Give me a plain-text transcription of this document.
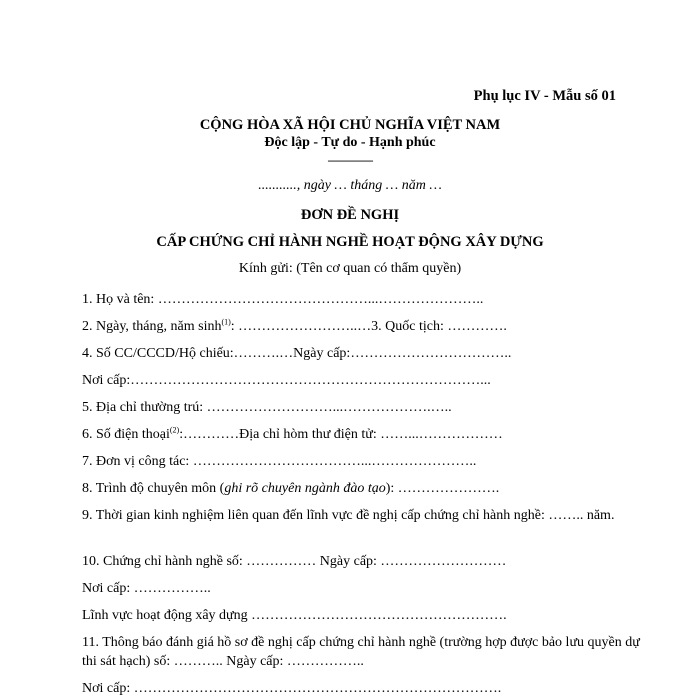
Phụ lục IV - Mẫu số 01
CỘNG HÒA XÃ HỘI CHỦ NGHĨA VIỆT NAM
Độc lập - Tự do - Hạnh phúc
---------------
..........., ngày … tháng … năm …
ĐƠN ĐỀ NGHỊ
CẤP CHỨNG CHỈ HÀNH NGHỀ HOẠT ĐỘNG XÂY DỰNG
Kính gửi: (Tên cơ quan có thẩm quyền)
1. Họ và tên: ………………………………………...…………………..
2. Ngày, tháng, năm $\sinh^{(1)}$: ……………………..…3. Quốc tịch: ………….
4. Số CC/CCCD/Hộ chiếu:……….…Ngày cấp:……………………………..
Nơi cấp:…………………………………………………………………...
5. Địa chỉ thường trú: ………………………...……………….…..
6. Số điện thoại$^{(2)}$:…………Địa chỉ hòm thư điện tử: ……...………………
7. Đơn vị công tác: ………………………………...…………………..
8. Trình độ chuyên môn (ghi rõ chuyên ngành đào tạo): ………………….
9. Thời gian kinh nghiệm liên quan đến lĩnh vực đề nghị cấp chứng chỉ hành nghề: …….. năm.
10. Chứng chỉ hành nghề số: …………… Ngày cấp: ………………………
Nơi cấp: ……………..
Lĩnh vực hoạt động xây dựng ……………………………………………….
11. Thông báo đánh giá hồ sơ đề nghị cấp chứng chỉ hành nghề (trường hợp được bảo lưu quyền dự thi sát hạch) số: ……….. Ngày cấp: ……………..
Nơi cấp: …………………………………………………………………….
